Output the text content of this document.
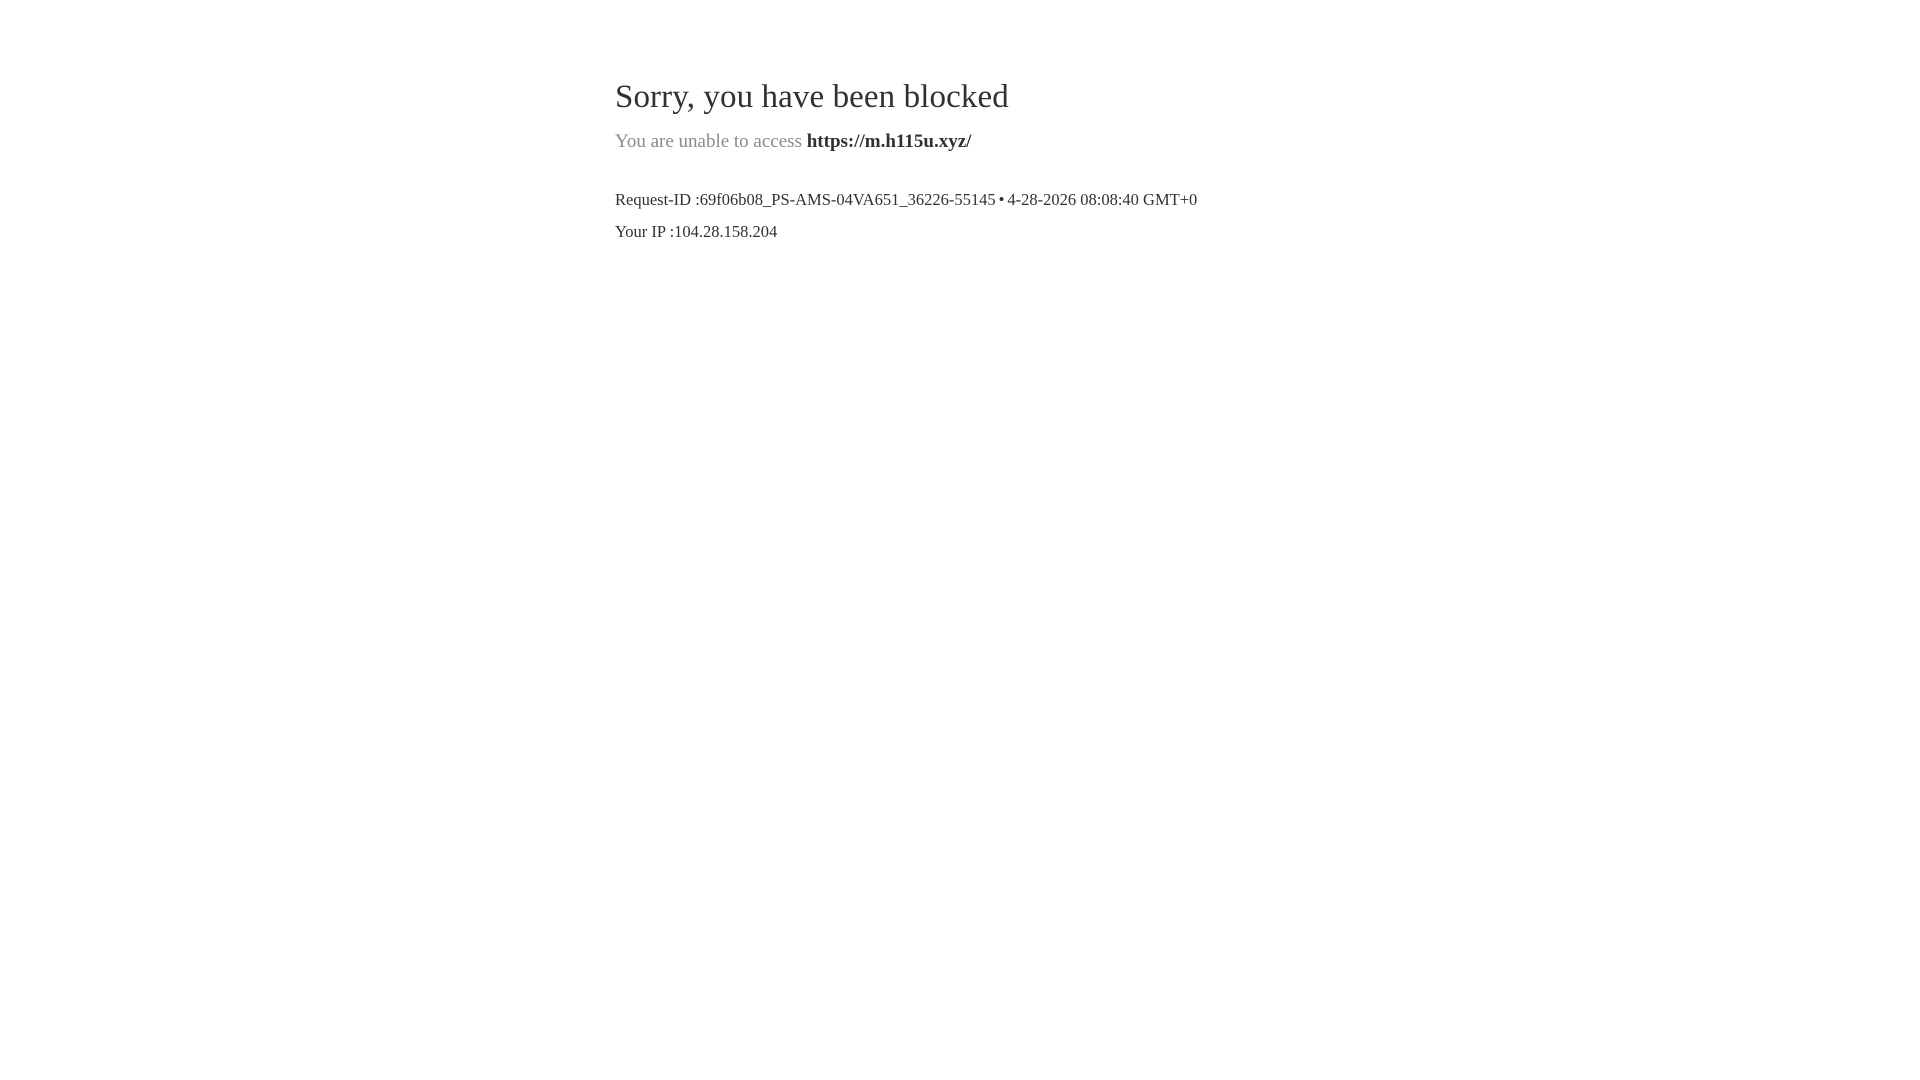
Sorry, you have been blocked

You are unable to access https://m.h115u.xyz/

Request-ID :69f06b08_PS-AMS-04VA651_36226-55145 • 4-28-2026 08:08:40 GMT+0

Your IP :104.28.158.204
